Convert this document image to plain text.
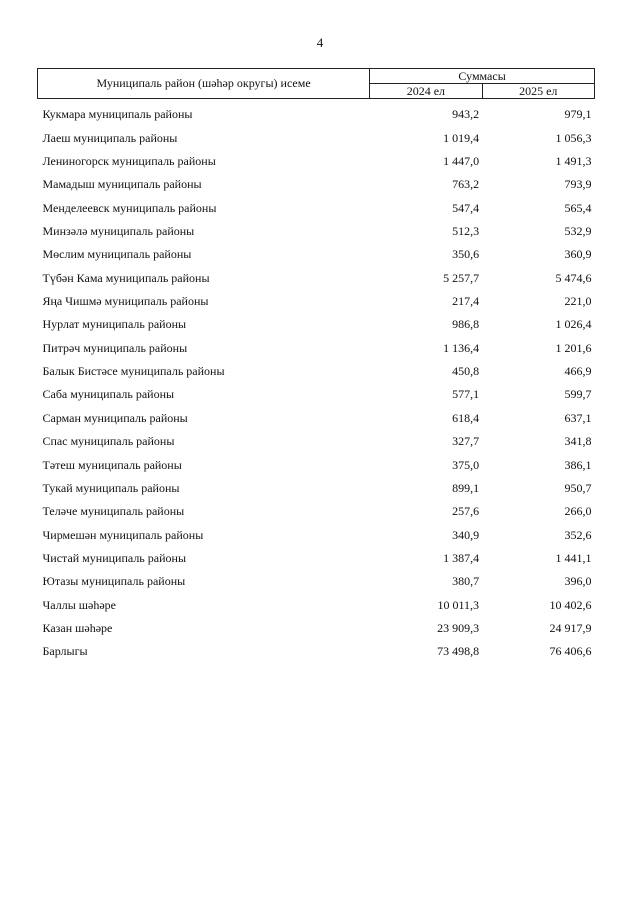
4
Муниципаль район (шәһәр округы) исеме	Суммасы	
	2024 ел	2025 ел
Кукмара муниципаль районы	943,2	979,1
Лаеш муниципаль районы	1 019,4	1 056,3
Лениногорск муниципаль районы	1 447,0	1 491,3
Мамадыш муниципаль районы	763,2	793,9
Менделеевск муниципаль районы	547,4	565,4
Минзәлә муниципаль районы	512,3	532,9
Мөслим муниципаль районы	350,6	360,9
Түбән Кама муниципаль районы	5 257,7	5 474,6
Яңа Чишмә муниципаль районы	217,4	221,0
Нурлат муниципаль районы	986,8	1 026,4
Питрәч муниципаль районы	1 136,4	1 201,6
Балык Бистәсе муниципаль районы	450,8	466,9
Саба муниципаль районы	577,1	599,7
Сарман муниципаль районы	618,4	637,1
Спас муниципаль районы	327,7	341,8
Тәтеш муниципаль районы	375,0	386,1
Тукай муниципаль районы	899,1	950,7
Теләче муниципаль районы	257,6	266,0
Чирмешән муниципаль районы	340,9	352,6
Чистай муниципаль районы	1 387,4	1 441,1
Ютазы муниципаль районы	380,7	396,0
Чаллы шәһәре	10 011,3	10 402,6
Казан шәһәре	23 909,3	24 917,9
Барлыгы	73 498,8	76 406,6
